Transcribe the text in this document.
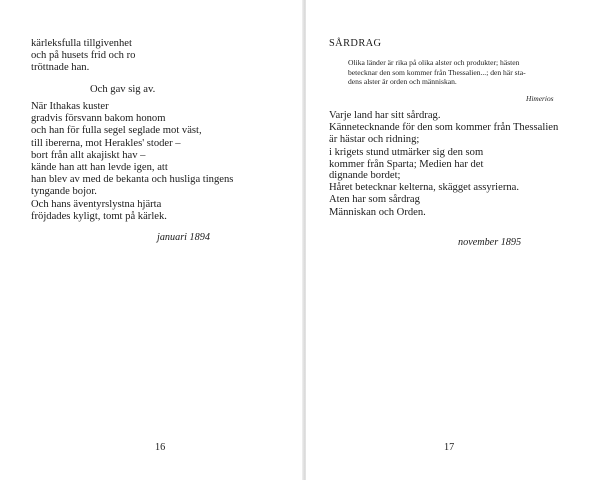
kärleksfulla tillgivenhet
och på husets frid och ro
tröttnade han.
Och gav sig av.
När Ithakas kuster
gradvis försvann bakom honom
och han för fulla segel seglade mot väst,
till ibererna, mot Herakles' stoder –
bort från allt akajiskt hav –
kände han att han levde igen, att
han blev av med de bekanta och husliga tingens
tyngande bojor.
Och hans äventyrslystna hjärta
fröjdades kyligt, tomt på kärlek.
januari 1894
16
SÅRDRAG
Olika länder är rika på olika alster och produkter; hästen
betecknar den som kommer från Thessalien...; den här sta-
dens alster är orden och människan.
Himerios
Varje land har sitt sårdrag.
Kännetecknande för den som kommer från Thessalien
är hästar och ridning;
i krigets stund utmärker sig den som
kommer från Sparta; Medien har det
dignande bordet;
Håret betecknar kelterna, skägget assyrierna.
Aten har som sårdrag
Människan och Orden.
november 1895
17
